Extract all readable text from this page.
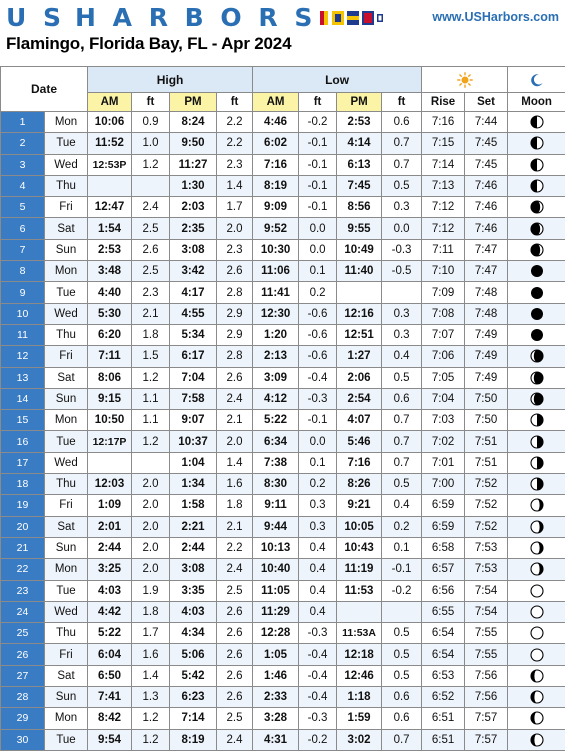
U S H A R B O R S	www.USHarbors.com
Flamingo, Florida Bay, FL - Apr 2024
Date		High				Low		
		AM	ft	PM	ft	AM	ft	PM	ft	Rise	Set	Moon
1	Mon	10:06	0.9	8:24	2.2	4:46	-0.2	2:53	0.6	7:16	7:44	
2	Tue	11:52	1.0	9:50	2.2	6:02	-0.1	4:14	0.7	7:15	7:45	
3	Wed	12:53P	1.2	11:27	2.3	7:16	-0.1	6:13	0.7	7:14	7:45	
4	Thu			1:30	1.4	8:19	-0.1	7:45	0.5	7:13	7:46	
5	Fri	12:47	2.4	2:03	1.7	9:09	-0.1	8:56	0.3	7:12	7:46	
6	Sat	1:54	2.5	2:35	2.0	9:52	0.0	9:55	0.0	7:12	7:46	
7	Sun	2:53	2.6	3:08	2.3	10:30	0.0	10:49	-0.3	7:11	7:47	
8	Mon	3:48	2.5	3:42	2.6	11:06	0.1	11:40	-0.5	7:10	7:47	
9	Tue	4:40	2.3	4:17	2.8	11:41	0.2			7:09	7:48	
10	Wed	5:30	2.1	4:55	2.9	12:30	-0.6	12:16	0.3	7:08	7:48	
11	Thu	6:20	1.8	5:34	2.9	1:20	-0.6	12:51	0.3	7:07	7:49	
12	Fri	7:11	1.5	6:17	2.8	2:13	-0.6	1:27	0.4	7:06	7:49	
13	Sat	8:06	1.2	7:04	2.6	3:09	-0.4	2:06	0.5	7:05	7:49	
14	Sun	9:15	1.1	7:58	2.4	4:12	-0.3	2:54	0.6	7:04	7:50	
15	Mon	10:50	1.1	9:07	2.1	5:22	-0.1	4:07	0.7	7:03	7:50	
16	Tue	12:17P	1.2	10:37	2.0	6:34	0.0	5:46	0.7	7:02	7:51	
17	Wed			1:04	1.4	7:38	0.1	7:16	0.7	7:01	7:51	
18	Thu	12:03	2.0	1:34	1.6	8:30	0.2	8:26	0.5	7:00	7:52	
19	Fri	1:09	2.0	1:58	1.8	9:11	0.3	9:21	0.4	6:59	7:52	
20	Sat	2:01	2.0	2:21	2.1	9:44	0.3	10:05	0.2	6:59	7:52	
21	Sun	2:44	2.0	2:44	2.2	10:13	0.4	10:43	0.1	6:58	7:53	
22	Mon	3:25	2.0	3:08	2.4	10:40	0.4	11:19	-0.1	6:57	7:53	
23	Tue	4:03	1.9	3:35	2.5	11:05	0.4	11:53	-0.2	6:56	7:54	
24	Wed	4:42	1.8	4:03	2.6	11:29	0.4			6:55	7:54	
25	Thu	5:22	1.7	4:34	2.6	12:28	-0.3	11:53A	0.5	6:54	7:55	
26	Fri	6:04	1.6	5:06	2.6	1:05	-0.4	12:18	0.5	6:54	7:55	
27	Sat	6:50	1.4	5:42	2.6	1:46	-0.4	12:46	0.5	6:53	7:56	
28	Sun	7:41	1.3	6:23	2.6	2:33	-0.4	1:18	0.6	6:52	7:56	
29	Mon	8:42	1.2	7:14	2.5	3:28	-0.3	1:59	0.6	6:51	7:57	
30	Tue	9:54	1.2	8:19	2.4	4:31	-0.2	3:02	0.7	6:51	7:57	
